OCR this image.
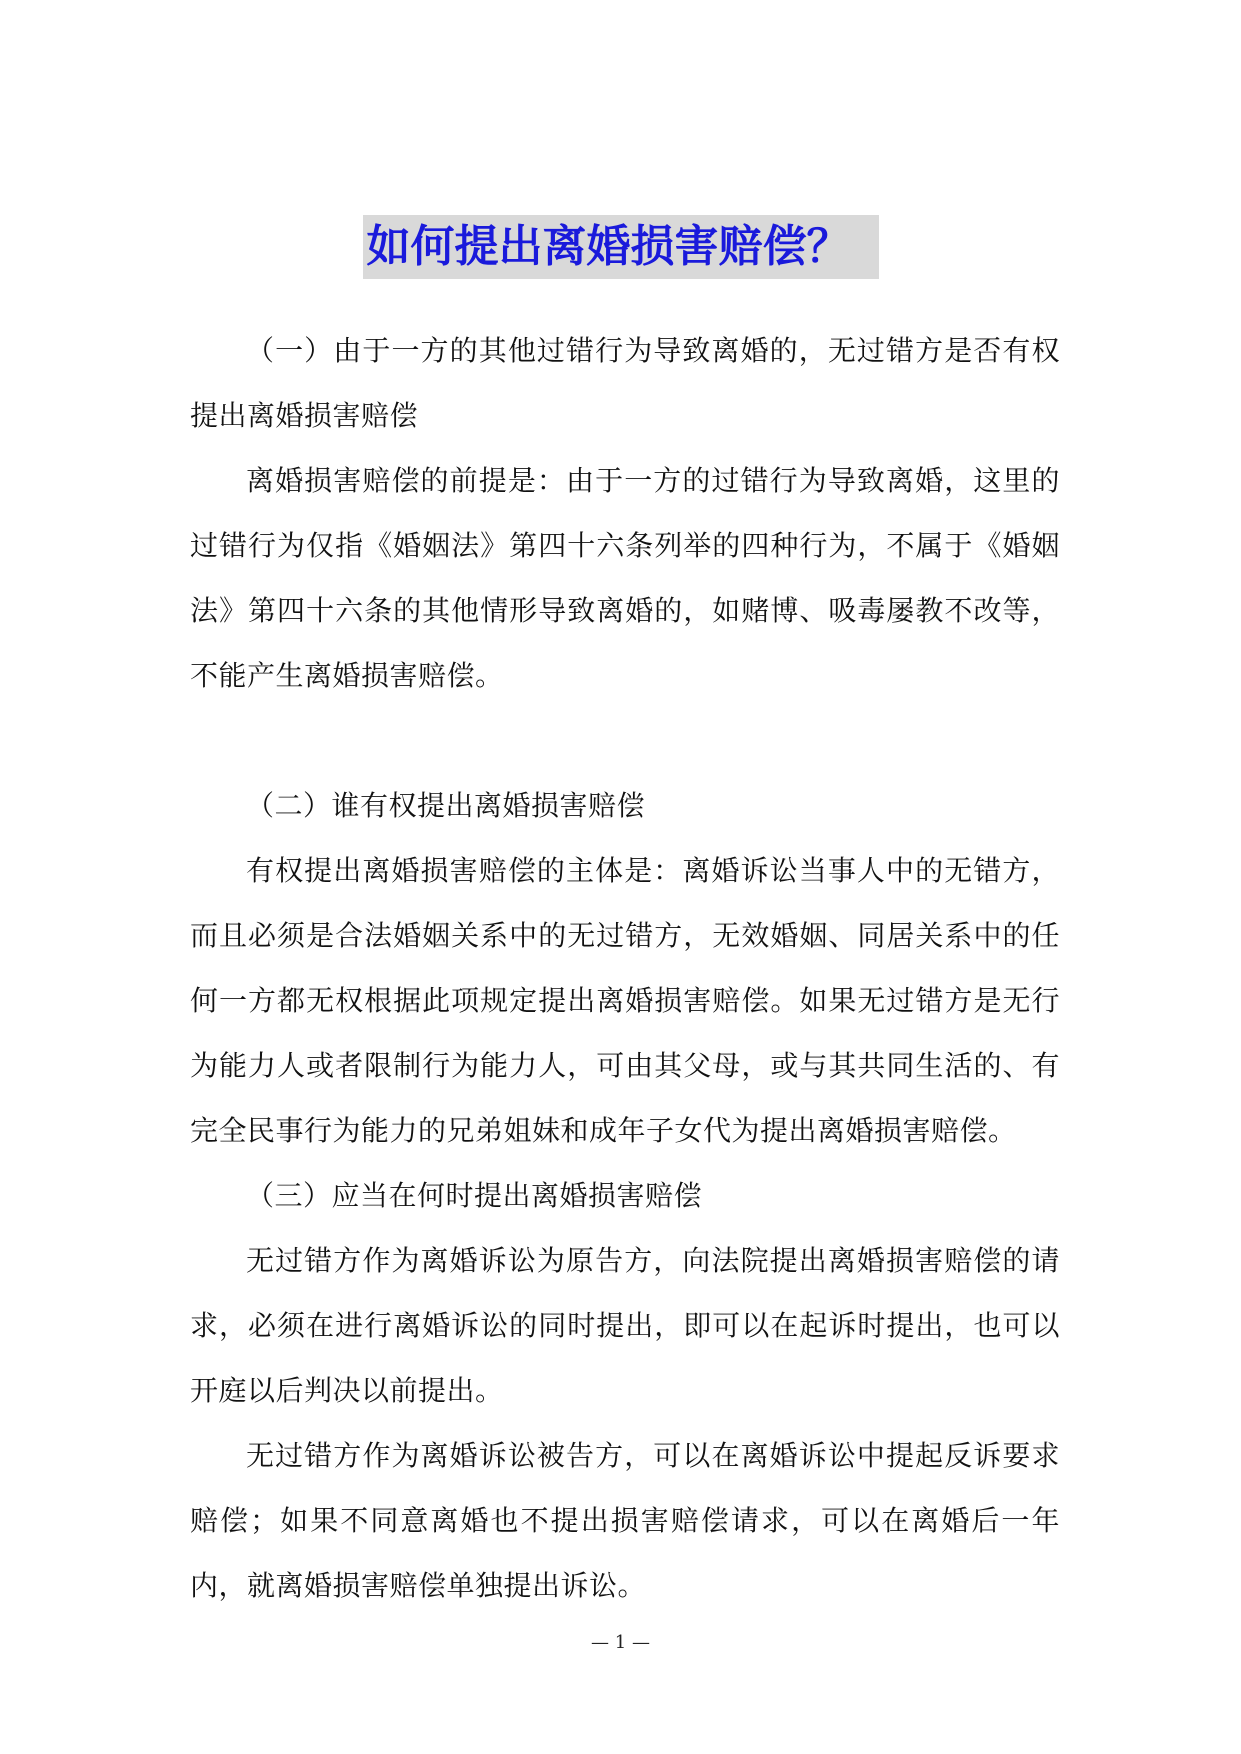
如何提出离婚损害赔偿？

（一）由于一方的其他过错行为导致离婚的，无过错方是否有权提出离婚损害赔偿

离婚损害赔偿的前提是：由于一方的过错行为导致离婚，这里的过错行为仅指《婚姻法》第四十六条列举的四种行为，不属于《婚姻法》第四十六条的其他情形导致离婚的，如赌博、吸毒屡教不改等，不能产生离婚损害赔偿。

（二）谁有权提出离婚损害赔偿

有权提出离婚损害赔偿的主体是：离婚诉讼当事人中的无错方，而且必须是合法婚姻关系中的无过错方，无效婚姻、同居关系中的任何一方都无权根据此项规定提出离婚损害赔偿。如果无过错方是无行为能力人或者限制行为能力人，可由其父母，或与其共同生活的、有完全民事行为能力的兄弟姐妹和成年子女代为提出离婚损害赔偿。

（三）应当在何时提出离婚损害赔偿

无过错方作为离婚诉讼为原告方，向法院提出离婚损害赔偿的请求，必须在进行离婚诉讼的同时提出，即可以在起诉时提出，也可以开庭以后判决以前提出。

无过错方作为离婚诉讼被告方，可以在离婚诉讼中提起反诉要求赔偿；如果不同意离婚也不提出损害赔偿请求，可以在离婚后一年内，就离婚损害赔偿单独提出诉讼。

— 1 —
